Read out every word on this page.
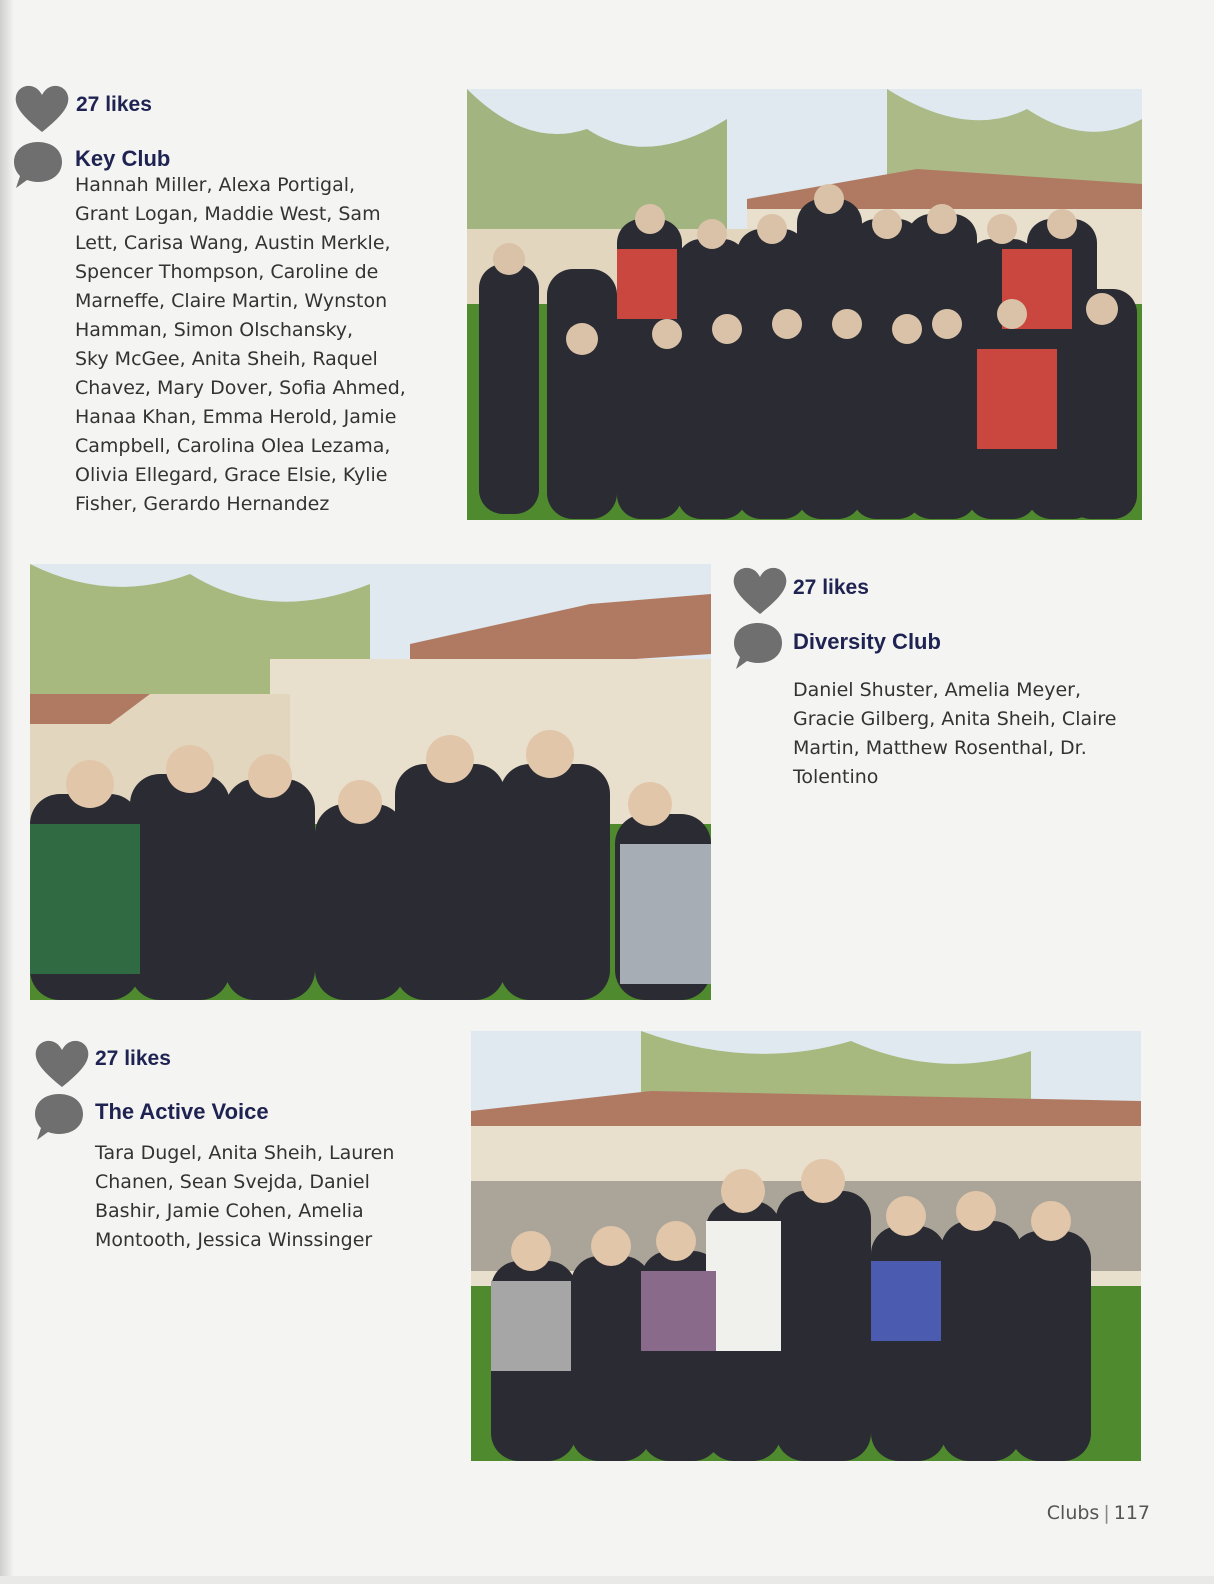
27 likes
Key Club
Hannah Miller, Alexa Portigal,
Grant Logan, Maddie West, Sam
Lett, Carisa Wang, Austin Merkle,
Spencer Thompson, Caroline de
Marneffe, Claire Martin, Wynston
Hamman, Simon Olschansky,
Sky McGee, Anita Sheih, Raquel
Chavez, Mary Dover, Sofia Ahmed,
Hanaa Khan, Emma Herold, Jamie
Campbell, Carolina Olea Lezama,
Olivia Ellegard, Grace Elsie, Kylie
Fisher, Gerardo Hernandez
27 likes
Diversity Club
Daniel Shuster, Amelia Meyer,
Gracie Gilberg, Anita Sheih, Claire
Martin, Matthew Rosenthal, Dr.
Tolentino
27 likes
The Active Voice
Tara Dugel, Anita Sheih, Lauren
Chanen, Sean Svejda, Daniel
Bashir, Jamie Cohen, Amelia
Montooth, Jessica Winssinger
Clubs | 117
